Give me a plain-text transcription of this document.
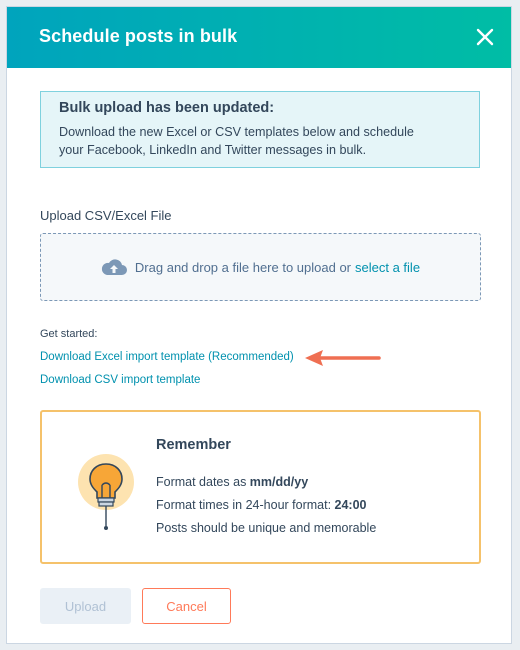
Schedule posts in bulk
Bulk upload has been updated:
Download the new Excel or CSV templates below and schedule
your Facebook, LinkedIn and Twitter messages in bulk.
Upload CSV/Excel File
Drag and drop a file here to upload or select a file
Get started:
Download Excel import template (Recommended)
Download CSV import template
Remember
Format dates as mm/dd/yy
Format times in 24-hour format: 24:00
Posts should be unique and memorable
Upload	Cancel
